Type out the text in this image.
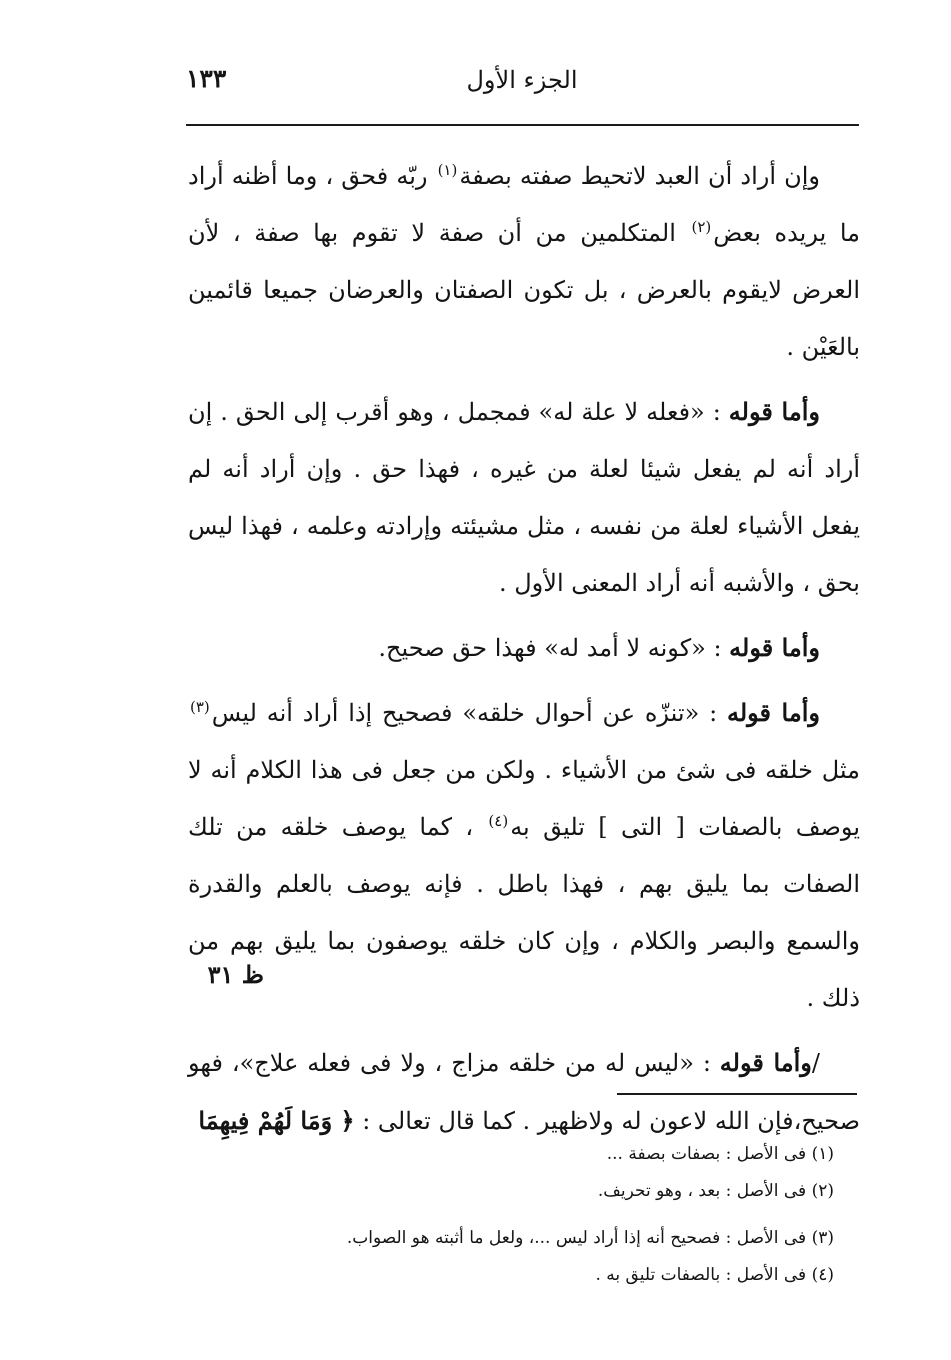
١٣٣	الجزء الأول

وإن أراد أن العبد لاتحيط صفته بصفة$^{(١)}$ ربّه فحق ، وما أظنه أراد ما يريده بعض$^{(٢)}$ المتكلمين من أن صفة لا تقوم بها صفة ، لأن العرض لايقوم بالعرض ، بل تكون الصفتان والعرضان جميعا قائمين بالعَيْن .

وأما قوله : «فعله لا علة له» فمجمل ، وهو أقرب إلى الحق . إن أراد أنه لم يفعل شيئا لعلة من غيره ، فهذا حق . وإن أراد أنه لم يفعل الأشياء لعلة من نفسه ، مثل مشيئته وإرادته وعلمه ، فهذا ليس بحق ، والأشبه أنه أراد المعنى الأول .

وأما قوله : «كونه لا أمد له» فهذا حق صحيح.

وأما قوله : «تنزّه عن أحوال خلقه» فصحيح إذا أراد أنه ليس$^{(٣)}$ مثل خلقه فى شئ من الأشياء . ولكن من جعل فى هذا الكلام أنه لا يوصف بالصفات [ التى ] تليق به$^{(٤)}$ ، كما يوصف خلقه من تلك الصفات بما يليق بهم ، فهذا باطل . فإنه يوصف بالعلم والقدرة والسمع والبصر والكلام ، وإن كان خلقه يوصفون بما يليق بهم من ذلك .

/وأما قوله : «ليس له من خلقه مزاج ، ولا فى فعله علاج»، فهو صحيح،فإن الله لاعون له ولاظهير . كما قال تعالى : ﴿ وَمَا لَهُمْ فِيهِمَا

ظ ٣١

(١) فى الأصل : بصفات بصفة ...

(٢) فى الأصل : بعد ، وهو تحريف.

(٣) فى الأصل : فصحيح أنه إذا أراد ليس ...، ولعل ما أثبته هو الصواب.

(٤) فى الأصل : بالصفات تليق به .
